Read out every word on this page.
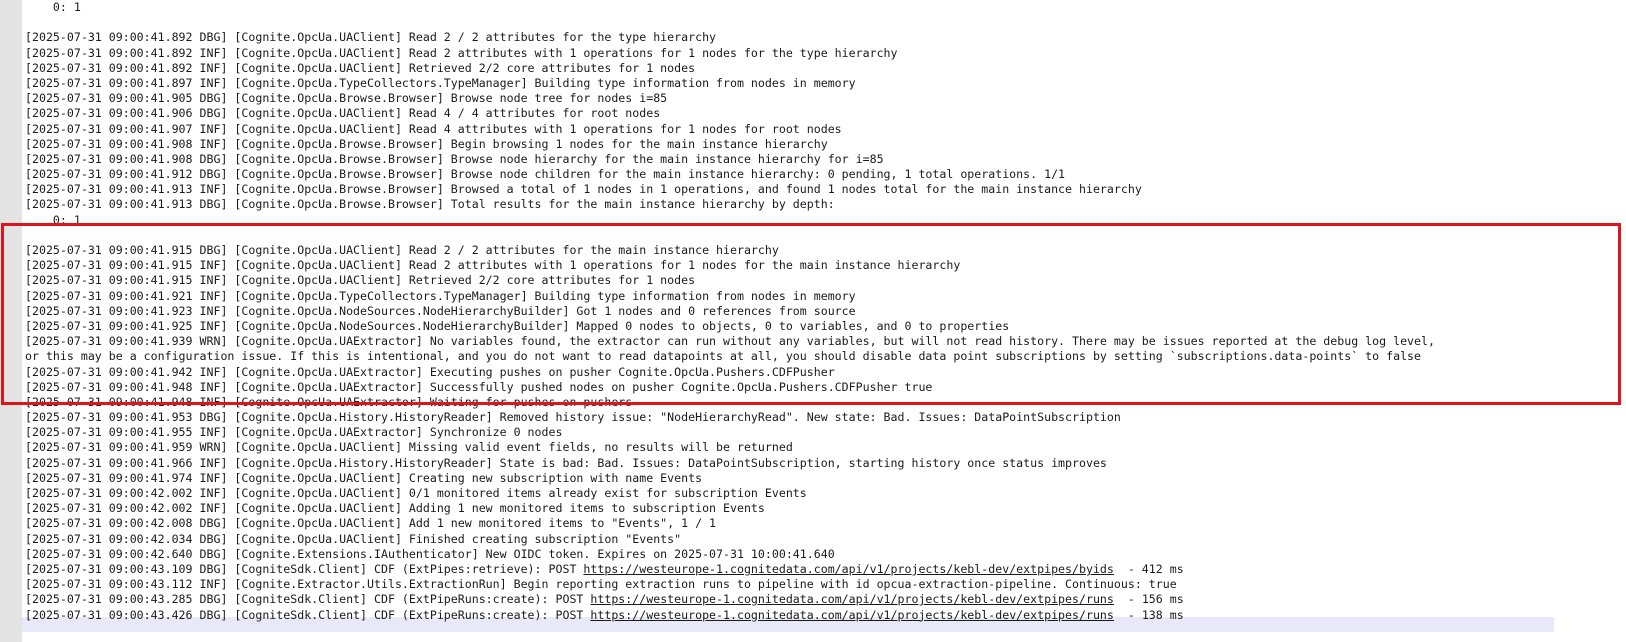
0: 1
[2025-07-31 09:00:41.892 DBG] [Cognite.OpcUa.UAClient] Read 2 / 2 attributes for the type hierarchy
[2025-07-31 09:00:41.892 INF] [Cognite.OpcUa.UAClient] Read 2 attributes with 1 operations for 1 nodes for the type hierarchy
[2025-07-31 09:00:41.892 INF] [Cognite.OpcUa.UAClient] Retrieved 2/2 core attributes for 1 nodes
[2025-07-31 09:00:41.897 INF] [Cognite.OpcUa.TypeCollectors.TypeManager] Building type information from nodes in memory
[2025-07-31 09:00:41.905 DBG] [Cognite.OpcUa.Browse.Browser] Browse node tree for nodes i=85
[2025-07-31 09:00:41.906 DBG] [Cognite.OpcUa.UAClient] Read 4 / 4 attributes for root nodes
[2025-07-31 09:00:41.907 INF] [Cognite.OpcUa.UAClient] Read 4 attributes with 1 operations for 1 nodes for root nodes
[2025-07-31 09:00:41.908 INF] [Cognite.OpcUa.Browse.Browser] Begin browsing 1 nodes for the main instance hierarchy
[2025-07-31 09:00:41.908 DBG] [Cognite.OpcUa.Browse.Browser] Browse node hierarchy for the main instance hierarchy for i=85
[2025-07-31 09:00:41.912 DBG] [Cognite.OpcUa.Browse.Browser] Browse node children for the main instance hierarchy: 0 pending, 1 total operations. 1/1
[2025-07-31 09:00:41.913 INF] [Cognite.OpcUa.Browse.Browser] Browsed a total of 1 nodes in 1 operations, and found 1 nodes total for the main instance hierarchy
[2025-07-31 09:00:41.913 DBG] [Cognite.OpcUa.Browse.Browser] Total results for the main instance hierarchy by depth:
0: 1
[2025-07-31 09:00:41.915 DBG] [Cognite.OpcUa.UAClient] Read 2 / 2 attributes for the main instance hierarchy
[2025-07-31 09:00:41.915 INF] [Cognite.OpcUa.UAClient] Read 2 attributes with 1 operations for 1 nodes for the main instance hierarchy
[2025-07-31 09:00:41.915 INF] [Cognite.OpcUa.UAClient] Retrieved 2/2 core attributes for 1 nodes
[2025-07-31 09:00:41.921 INF] [Cognite.OpcUa.TypeCollectors.TypeManager] Building type information from nodes in memory
[2025-07-31 09:00:41.923 INF] [Cognite.OpcUa.NodeSources.NodeHierarchyBuilder] Got 1 nodes and 0 references from source
[2025-07-31 09:00:41.925 INF] [Cognite.OpcUa.NodeSources.NodeHierarchyBuilder] Mapped 0 nodes to objects, 0 to variables, and 0 to properties
[2025-07-31 09:00:41.939 WRN] [Cognite.OpcUa.UAExtractor] No variables found, the extractor can run without any variables, but will not read history. There may be issues reported at the debug log level,
or this may be a configuration issue. If this is intentional, and you do not want to read datapoints at all, you should disable data point subscriptions by setting `subscriptions.data-points` to false
[2025-07-31 09:00:41.942 INF] [Cognite.OpcUa.UAExtractor] Executing pushes on pusher Cognite.OpcUa.Pushers.CDFPusher
[2025-07-31 09:00:41.948 INF] [Cognite.OpcUa.UAExtractor] Successfully pushed nodes on pusher Cognite.OpcUa.Pushers.CDFPusher true
[2025-07-31 09:00:41.948 INF] [Cognite.OpcUa.UAExtractor] Waiting for pushes on pushers
[2025-07-31 09:00:41.953 DBG] [Cognite.OpcUa.History.HistoryReader] Removed history issue: "NodeHierarchyRead". New state: Bad. Issues: DataPointSubscription
[2025-07-31 09:00:41.955 INF] [Cognite.OpcUa.UAExtractor] Synchronize 0 nodes
[2025-07-31 09:00:41.959 WRN] [Cognite.OpcUa.UAClient] Missing valid event fields, no results will be returned
[2025-07-31 09:00:41.966 INF] [Cognite.OpcUa.History.HistoryReader] State is bad: Bad. Issues: DataPointSubscription, starting history once status improves
[2025-07-31 09:00:41.974 INF] [Cognite.OpcUa.UAClient] Creating new subscription with name Events
[2025-07-31 09:00:42.002 INF] [Cognite.OpcUa.UAClient] 0/1 monitored items already exist for subscription Events
[2025-07-31 09:00:42.002 INF] [Cognite.OpcUa.UAClient] Adding 1 new monitored items to subscription Events
[2025-07-31 09:00:42.008 DBG] [Cognite.OpcUa.UAClient] Add 1 new monitored items to "Events", 1 / 1
[2025-07-31 09:00:42.034 DBG] [Cognite.OpcUa.UAClient] Finished creating subscription "Events"
[2025-07-31 09:00:42.640 DBG] [Cognite.Extensions.IAuthenticator] New OIDC token. Expires on 2025-07-31 10:00:41.640
[2025-07-31 09:00:43.109 DBG] [CogniteSdk.Client] CDF (ExtPipes:retrieve): POST https://westeurope-1.cognitedata.com/api/v1/projects/kebl-dev/extpipes/byids  - 412 ms
[2025-07-31 09:00:43.112 INF] [Cognite.Extractor.Utils.ExtractionRun] Begin reporting extraction runs to pipeline with id opcua-extraction-pipeline. Continuous: true
[2025-07-31 09:00:43.285 DBG] [CogniteSdk.Client] CDF (ExtPipeRuns:create): POST https://westeurope-1.cognitedata.com/api/v1/projects/kebl-dev/extpipes/runs  - 156 ms
[2025-07-31 09:00:43.426 DBG] [CogniteSdk.Client] CDF (ExtPipeRuns:create): POST https://westeurope-1.cognitedata.com/api/v1/projects/kebl-dev/extpipes/runs  - 138 ms
